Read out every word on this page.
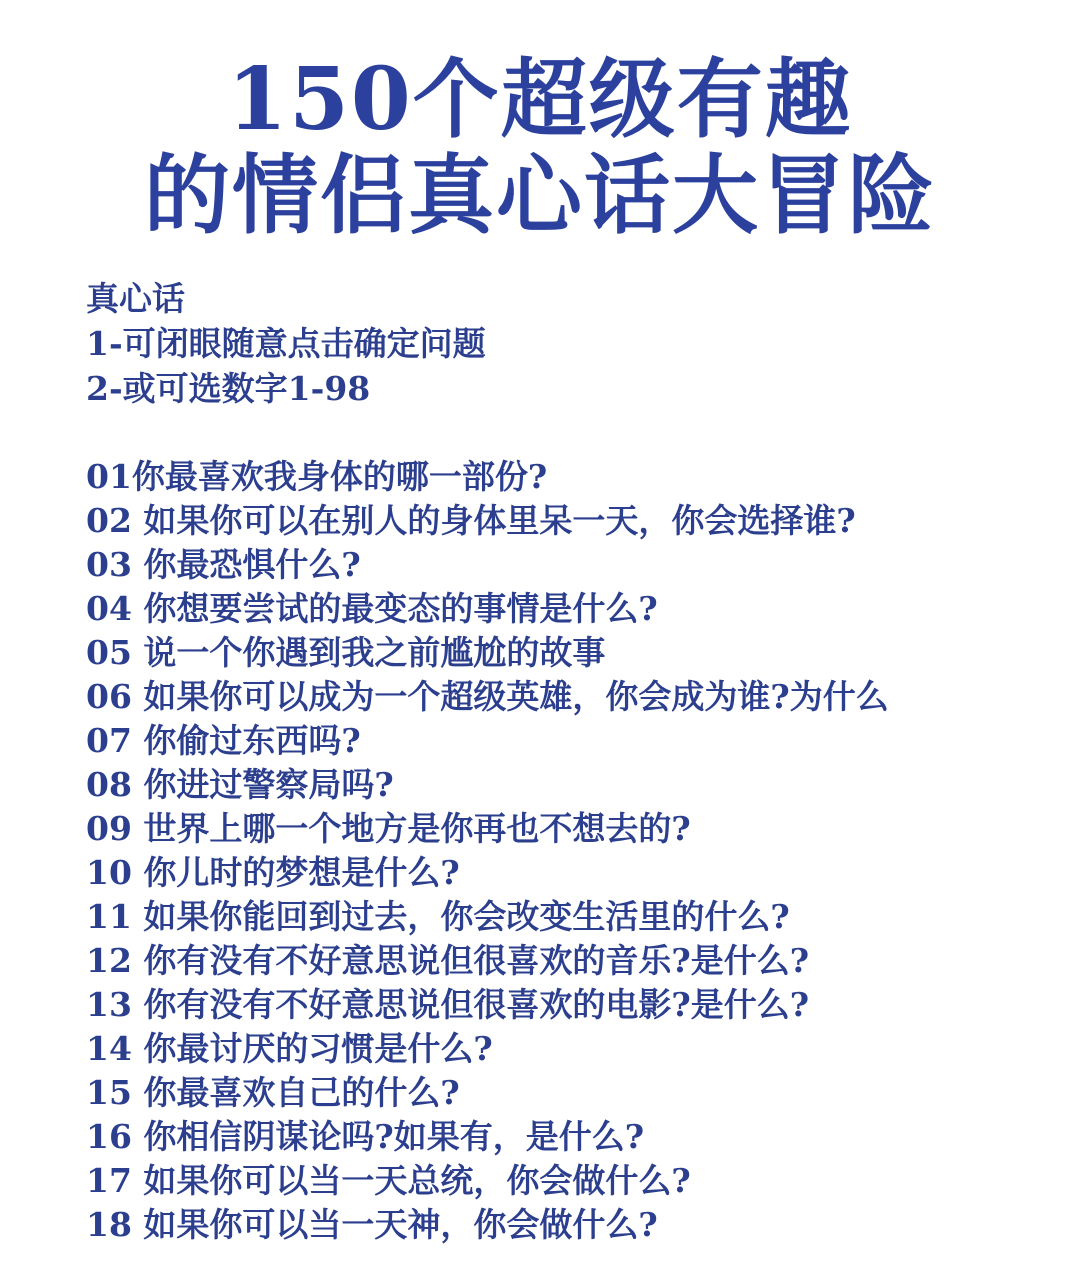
150个超级有趣
的情侣真心话大冒险
真心话
1-可闭眼随意点击确定问题
2-或可选数字1-98
01你最喜欢我身体的哪一部份?
02 如果你可以在别人的身体里呆一天，你会选择谁?
03 你最恐惧什么?
04 你想要尝试的最变态的事情是什么?
05 说一个你遇到我之前尴尬的故事
06 如果你可以成为一个超级英雄，你会成为谁?为什么
07 你偷过东西吗?
08 你进过警察局吗?
09 世界上哪一个地方是你再也不想去的?
10 你儿时的梦想是什么?
11 如果你能回到过去，你会改变生活里的什么?
12 你有没有不好意思说但很喜欢的音乐?是什么?
13 你有没有不好意思说但很喜欢的电影?是什么?
14 你最讨厌的习惯是什么?
15 你最喜欢自己的什么?
16 你相信阴谋论吗?如果有，是什么?
17 如果你可以当一天总统，你会做什么?
18 如果你可以当一天神，你会做什么?
